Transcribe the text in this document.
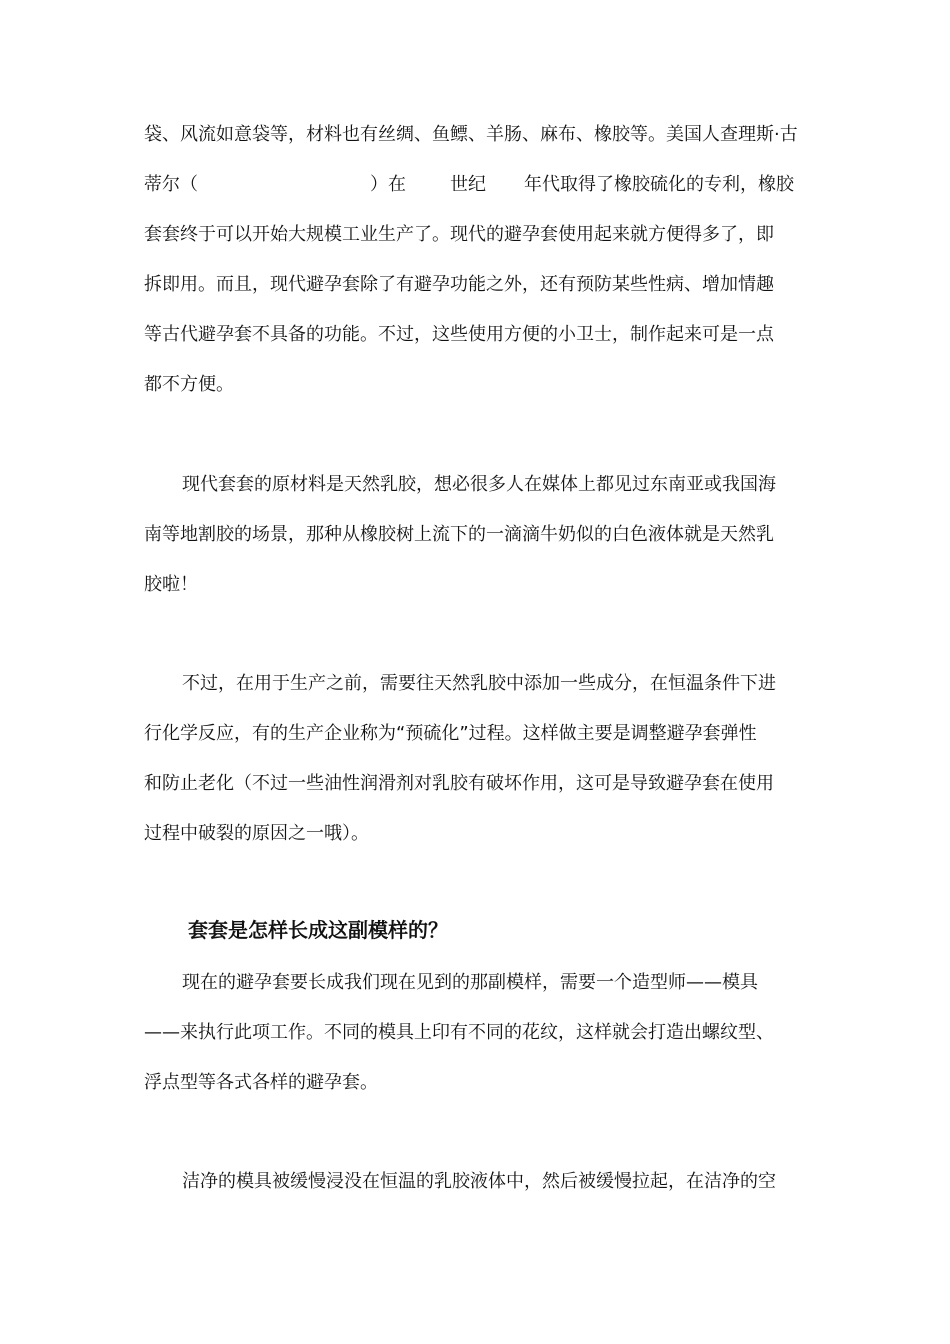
袋、风流如意袋等，材料也有丝绸、鱼鳔、羊肠、麻布、橡胶等。美国人查理斯·古
蒂尔（	）在 世纪 年代取得了橡胶硫化的专利，橡胶
套套终于可以开始大规模工业生产了。现代的避孕套使用起来就方便得多了，即
拆即用。而且，现代避孕套除了有避孕功能之外，还有预防某些性病、增加情趣
等古代避孕套不具备的功能。不过，这些使用方便的小卫士，制作起来可是一点
都不方便。
现代套套的原材料是天然乳胶，想必很多人在媒体上都见过东南亚或我国海
南等地割胶的场景，那种从橡胶树上流下的一滴滴牛奶似的白色液体就是天然乳
胶啦！
不过，在用于生产之前，需要往天然乳胶中添加一些成分，在恒温条件下进
行化学反应，有的生产企业称为“预硫化”过程。这样做主要是调整避孕套弹性
和防止老化（不过一些油性润滑剂对乳胶有破坏作用，这可是导致避孕套在使用
过程中破裂的原因之一哦）。
套套是怎样长成这副模样的？
现在的避孕套要长成我们现在见到的那副模样，需要一个造型师——模具
——来执行此项工作。不同的模具上印有不同的花纹，这样就会打造出螺纹型、
浮点型等各式各样的避孕套。
洁净的模具被缓慢浸没在恒温的乳胶液体中，然后被缓慢拉起，在洁净的空
